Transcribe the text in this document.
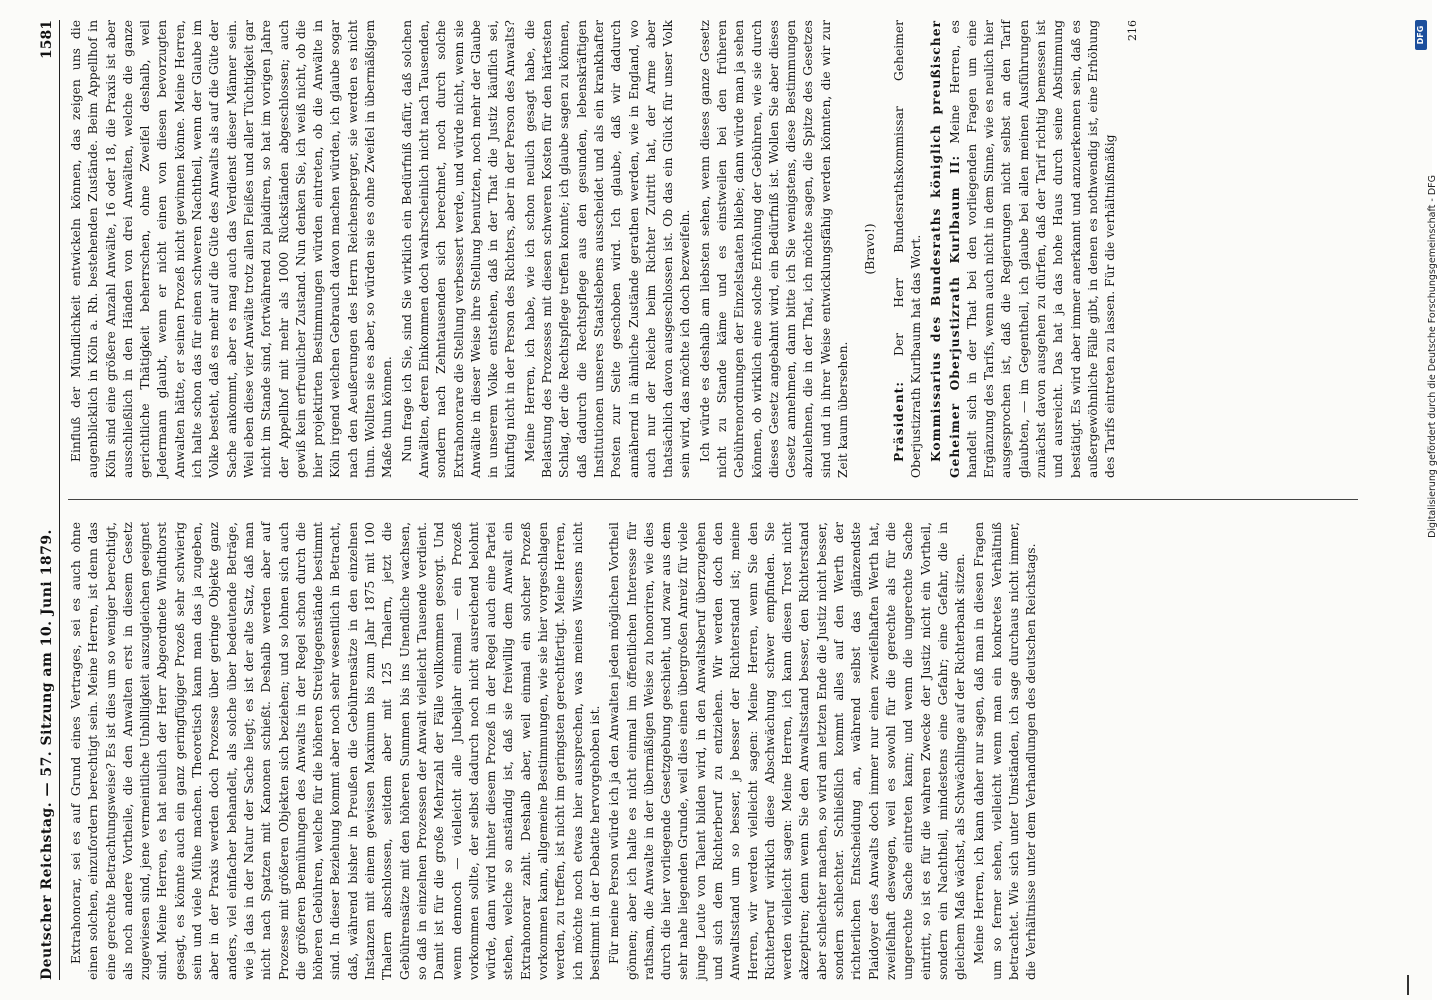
Deutscher Reichstag. — 57. Sitzung am 10. Juni 1879.
1581

Extrahonorar, sei es auf Grund eines Vertrages, sei es auch ohne einen solchen, einzufordern berechtigt sein. Meine Herren, ist denn das eine gerechte Betrachtungsweise? Es ist dies um so weniger berechtigt, als noch andere Vortheile, die den Anwalten erst in diesem Gesetz zugewiesen sind, jene vermeintliche Unbilligkeit auszugleichen geeignet sind. Meine Herren, es hat neulich der Herr Abgeordnete Windthorst gesagt, es könnte auch ein ganz geringfügiger Prozeß sehr schwierig sein und viele Mühe machen. Theoretisch kann man das ja zugeben, aber in der Praxis werden doch Prozesse über geringe Objekte ganz anders, viel einfacher behandelt, als solche über bedeutende Beträge, wie ja das in der Natur der Sache liegt; es ist der alte Satz, daß man nicht nach Spatzen mit Kanonen schießt. Deshalb werden aber auf Prozesse mit größeren Objekten sich beziehen; und so lohnen sich auch die größeren Bemühungen des Anwalts in der Regel schon durch die höheren Gebühren, welche für die höheren Streitgegenstände bestimmt sind. In dieser Beziehung kommt aber noch sehr wesentlich in Betracht, daß, während bisher in Preußen die Gebührensätze in den einzelnen Instanzen mit einem gewissen Maximum bis zum Jahr 1875 mit 100 Thalern abschlossen, seitdem aber mit 125 Thalern, jetzt die Gebührensätze mit den höheren Summen bis ins Unendliche wachsen, so daß in einzelnen Prozessen der Anwalt vielleicht Tausende verdient. Damit ist für die große Mehrzahl der Fälle vollkommen gesorgt. Und wenn dennoch — vielleicht alle Jubeljahr einmal — ein Prozeß vorkommen sollte, der selbst dadurch noch nicht ausreichend belohnt würde, dann wird hinter diesem Prozeß in der Regel auch eine Partei stehen, welche so anständig ist, daß sie freiwillig dem Anwalt ein Extrahonorar zahlt. Deshalb aber, weil einmal ein solcher Prozeß vorkommen kann, allgemeine Bestimmungen, wie sie hier vorgeschlagen werden, zu treffen, ist nicht im geringsten gerechtfertigt. Meine Herren, ich möchte noch etwas hier aussprechen, was meines Wissens nicht bestimmt in der Debatte hervorgehoben ist. Für meine Person würde ich ja den Anwalten jeden möglichen Vortheil gönnen; aber ich halte es nicht einmal im öffentlichen Interesse für rathsam, die Anwalte in der übermäßigen Weise zu honoriren, wie dies durch die hier vorliegende Gesetzgebung geschieht, und zwar aus dem sehr nahe liegenden Grunde, weil dies einen übergroßen Anreiz für viele junge Leute von Talent bilden wird, in den Anwaltsberuf überzugehen und sich dem Richterberuf zu entziehen. Wir werden doch den Anwaltsstand um so besser, je besser der Richterstand ist; meine Herren, wir werden vielleicht sagen: Meine Herren, wenn Sie den Richterberuf wirklich diese Abschwächung schwer empfinden. Sie werden vielleicht sagen: Meine Herren, ich kann diesen Trost nicht akzeptiren; denn wenn Sie den Anwaltsstand besser, den Richterstand aber schlechter machen, so wird am letzten Ende die Justiz nicht besser, sondern schlechter. Schließlich kommt alles auf den Werth der richterlichen Entscheidung an, während selbst das glänzendste Plaidoyer des Anwalts doch immer nur einen zweifelhaften Werth hat, zweifelhaft deswegen, weil es sowohl für die gerechte als für die ungerechte Sache eintreten kann; und wenn die ungerechte Sache eintritt, so ist es für die wahren Zwecke der Justiz nicht ein Vortheil, sondern ein Nachtheil, mindestens eine Gefahr; eine Gefahr, die in gleichem Maß wächst, als Schwächlinge auf der Richterbank sitzen. Meine Herren, ich kann daher nur sagen, daß man in diesen Fragen um so ferner sehen, vielleicht wenn man ein konkretes Verhältniß betrachtet. Wie sich unter Umständen, ich sage durchaus nicht immer, die Verhältnisse unter dem Verhandlungen des deutschen Reichstags.

Einfluß der Mündlichkeit entwickeln können, das zeigen uns die augenblicklich in Köln a. Rh. bestehenden Zustände. Beim Appellhof in Köln sind eine größere Anzahl Anwälte, 16 oder 18, die Praxis ist aber ausschließlich in den Händen von drei Anwälten, welche die ganze gerichtliche Thätigkeit beherrschen, ohne Zweifel deshalb, weil Jedermann glaubt, wenn er nicht einen von diesen bevorzugten Anwalten hätte, er seinen Prozeß nicht gewinnen könne. Meine Herren, ich halte schon das für einen schweren Nachtheil, wenn der Glaube im Volke besteht, daß es mehr auf die Güte des Anwalts als auf die Güte der Sache ankommt, aber es mag auch das Verdienst dieser Männer sein. Weil eben diese vier Anwälte trotz allen Fleißes und aller Tüchtigkeit gar nicht im Stande sind, fortwährend zu plaidiren, so hat im vorigen Jahre der Appellhof mit mehr als 1000 Rückständen abgeschlossen; auch gewiß kein erfreulicher Zustand. Nun denken Sie, ich weiß nicht, ob die hier projektirten Bestimmungen würden eintreten, ob die Anwälte in Köln irgend welchen Gebrauch davon machen würden, ich glaube sogar nach den Aeußerungen des Herrn Reichensperger, sie werden es nicht thun. Wollten sie es aber, so würden sie es ohne Zweifel in übermäßigem Maße thun können. Nun frage ich Sie, sind Sie wirklich ein Bedürfniß dafür, daß solchen Anwälten, deren Einkommen doch wahrscheinlich nicht nach Tausenden, sondern nach Zehntausenden sich berechnet, noch durch solche Extrahonorare die Stellung verbessert werde, und würde nicht, wenn sie Anwälte in dieser Weise ihre Stellung benutzten, noch mehr der Glaube in unserem Volke entstehen, daß in der That die Justiz käuflich sei, künftig nicht in der Person des Richters, aber in der Person des Anwalts? Meine Herren, ich habe, wie ich schon neulich gesagt habe, die Belastung des Prozesses mit diesen schweren Kosten für den härtesten Schlag, der die Rechtspflege treffen konnte; ich glaube sagen zu können, daß dadurch die Rechtspflege aus den gesunden, lebenskräftigen Institutionen unseres Staatslebens ausscheidet und als ein krankhafter Posten zur Seite geschoben wird. Ich glaube, daß wir dadurch annähernd in ähnliche Zustände gerathen werden, wie in England, wo auch nur der Reiche beim Richter Zutritt hat, der Arme aber thatsächlich davon ausgeschlossen ist. Ob das ein Glück für unser Volk sein wird, das möchte ich doch bezweifeln. Ich würde es deshalb am liebsten sehen, wenn dieses ganze Gesetz nicht zu Stande käme und es einstweilen bei den früheren Gebührenordnungen der Einzelstaaten bliebe; dann würde man ja sehen können, ob wirklich eine solche Erhöhung der Gebühren, wie sie durch dieses Gesetz angebahnt wird, ein Bedürfniß ist. Wollen Sie aber dieses Gesetz annehmen, dann bitte ich Sie wenigstens, diese Bestimmungen abzulehnen, die in der That, ich möchte sagen, die Spitze des Gesetzes sind und in ihrer Weise entwicklungsfähig werden könnten, die wir zur Zeit kaum übersehen.

(Bravo!)

Präsident: Der Herr Bundesrathskommissar Geheimer Oberjustizrath Kurlbaum hat das Wort. Kommissarius des Bundesraths königlich preußischer Geheimer Oberjustizrath Kurlbaum II: Meine Herren, es handelt sich in der That bei den vorliegenden Fragen um eine Ergänzung des Tarifs, wenn auch nicht in dem Sinne, wie es neulich hier ausgesprochen ist, daß die Regierungen nicht selbst an den Tarif glaubten, — im Gegentheil, ich glaube bei allen meinen Ausführungen zunächst davon ausgehen zu dürfen, daß der Tarif richtig bemessen ist und ausreicht. Das hat ja das hohe Haus durch seine Abstimmung bestätigt. Es wird aber immer anerkannt und anzuerkennen sein, daß es außergewöhnliche Fälle gibt, in denen es nothwendig ist, eine Erhöhung des Tarifs eintreten zu lassen. Für die verhältnißmäßig

216	DFG
Digitalisierung gefördert durch die Deutsche Forschungsgemeinschaft - DFG
